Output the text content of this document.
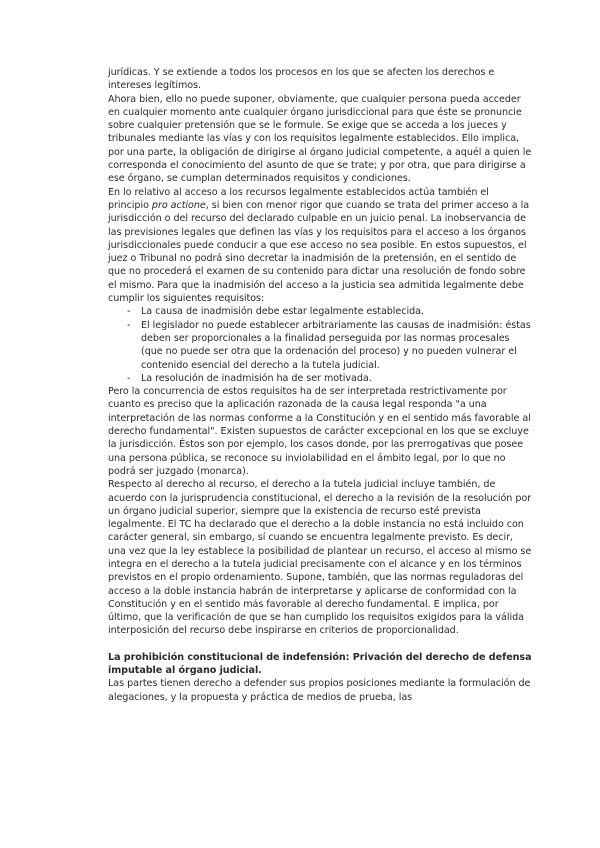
jurídicas. Y se extiende a todos los procesos en los que se afecten los derechos e intereses legítimos.

Ahora bien, ello no puede suponer, obviamente, que cualquier persona pueda acceder en cualquier momento ante cualquier órgano jurisdiccional para que éste se pronuncie sobre cualquier pretensión que se le formule. Se exige que se acceda a los jueces y tribunales mediante las vías y con los requisitos legalmente establecidos. Ello implica, por una parte, la obligación de dirigirse al órgano judicial competente, a aquél a quien le corresponda el conocimiento del asunto de que se trate; y por otra, que para dirigirse a ese órgano, se cumplan determinados requisitos y condiciones.

En lo relativo al acceso a los recursos legalmente establecidos actúa también el principio pro actione, si bien con menor rigor que cuando se trata del primer acceso a la jurisdicción o del recurso del declarado culpable en un juicio penal. La inobservancia de las previsiones legales que definen las vías y los requisitos para el acceso a los órganos jurisdiccionales puede conducir a que ese acceso no sea posible. En estos supuestos, el juez o Tribunal no podrá sino decretar la inadmisión de la pretensión, en el sentido de que no procederá el examen de su contenido para dictar una resolución de fondo sobre el mismo. Para que la inadmisión del acceso a la justicia sea admitida legalmente debe cumplir los siguientes requisitos:

- La causa de inadmisión debe estar legalmente establecida.
- El legislador no puede establecer arbitrariamente las causas de inadmisión: éstas deben ser proporcionales a la finalidad perseguida por las normas procesales (que no puede ser otra que la ordenación del proceso) y no pueden vulnerar el contenido esencial del derecho a la tutela judicial.
- La resolución de inadmisión ha de ser motivada.

Pero la concurrencia de estos requisitos ha de ser interpretada restrictivamente por cuanto es preciso que la aplicación razonada de la causa legal responda "a una interpretación de las normas conforme a la Constitución y en el sentido más favorable al derecho fundamental". Existen supuestos de carácter excepcional en los que se excluye la jurisdicción. Éstos son por ejemplo, los casos donde, por las prerrogativas que posee una persona pública, se reconoce su inviolabilidad en el ámbito legal, por lo que no podrá ser juzgado (monarca).

Respecto al derecho al recurso, el derecho a la tutela judicial incluye también, de acuerdo con la jurisprudencia constitucional, el derecho a la revisión de la resolución por un órgano judicial superior, siempre que la existencia de recurso esté prevista legalmente. El TC ha declarado que el derecho a la doble instancia no está incluido con carácter general, sin embargo, sí cuando se encuentra legalmente previsto. Es decir, una vez que la ley establece la posibilidad de plantear un recurso, el acceso al mismo se integra en el derecho a la tutela judicial precisamente con el alcance y en los términos previstos en el propio ordenamiento. Supone, también, que las normas reguladoras del acceso a la doble instancia habrán de interpretarse y aplicarse de conformidad con la Constitución y en el sentido más favorable al derecho fundamental. E implica, por último, que la verificación de que se han cumplido los requisitos exigidos para la válida interposición del recurso debe inspirarse en criterios de proporcionalidad.

La prohibición constitucional de indefensión: Privación del derecho de defensa imputable al órgano judicial.

Las partes tienen derecho a defender sus propios posiciones mediante la formulación de alegaciones, y la propuesta y práctica de medios de prueba, las
